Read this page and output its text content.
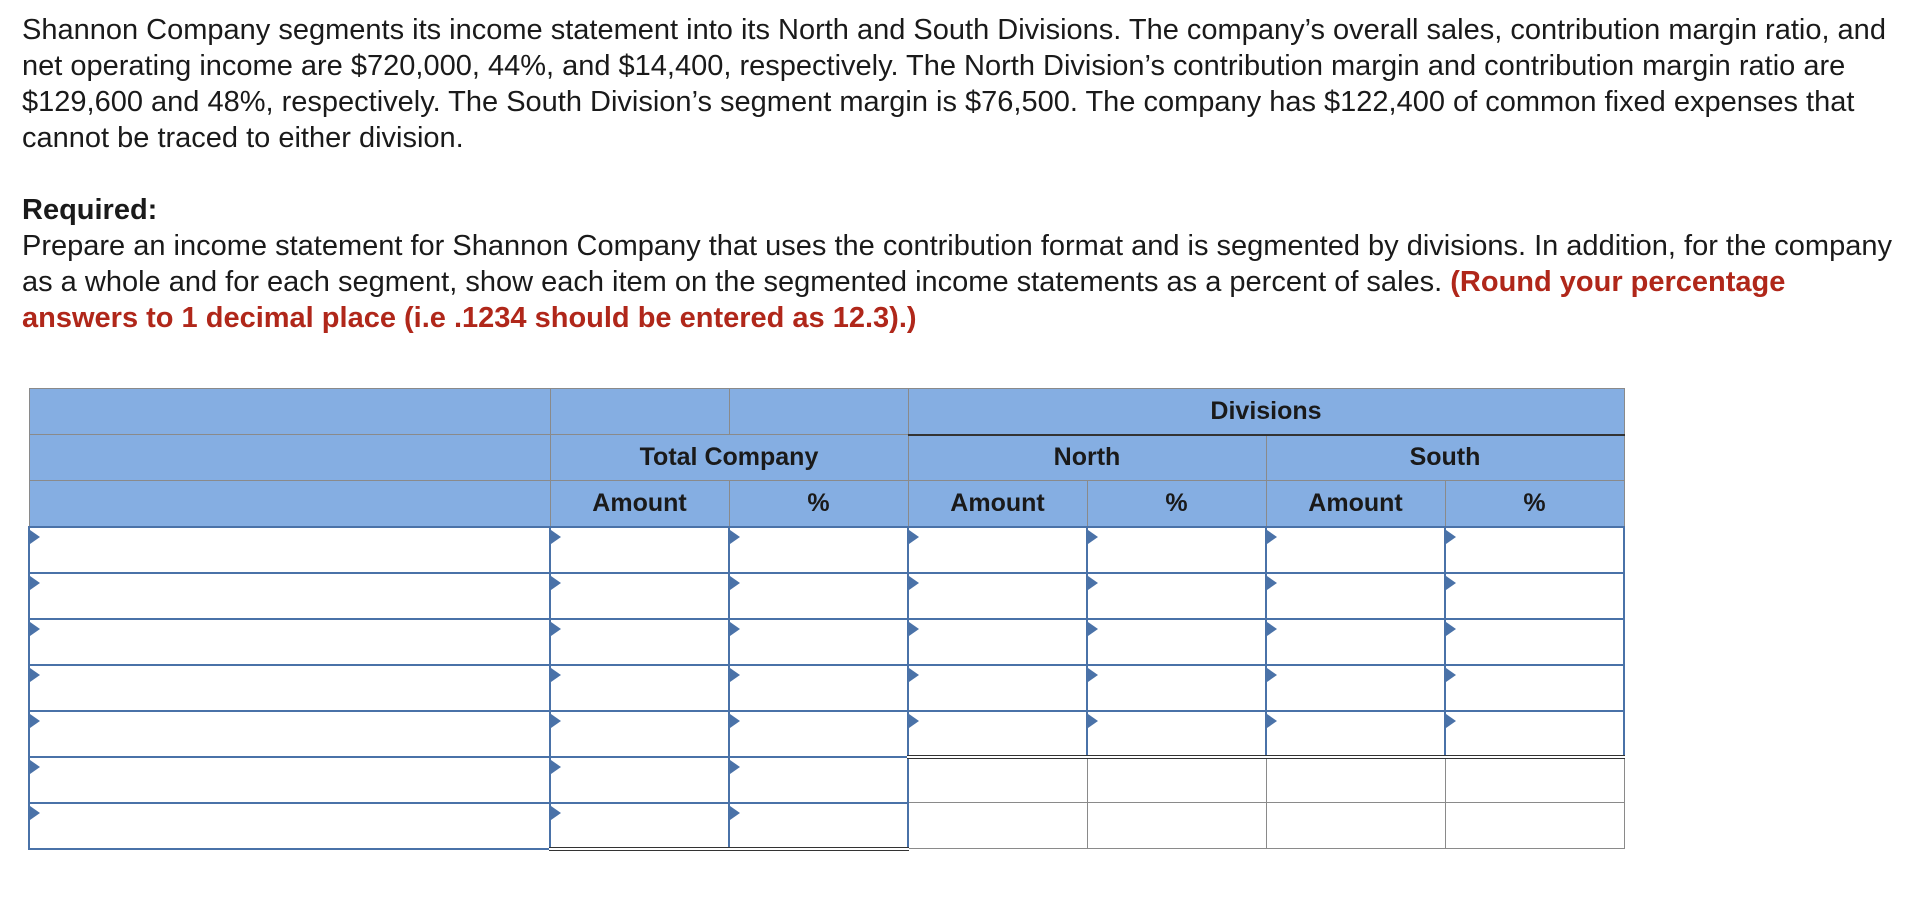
Shannon Company segments its income statement into its North and South Divisions. The company’s overall sales, contribution margin ratio, and net operating income are $720,000, 44%, and $14,400, respectively. The North Division’s contribution margin and contribution margin ratio are $129,600 and 48%, respectively. The South Division’s segment margin is $76,500. The company has $122,400 of common fixed expenses that cannot be traced to either division.

Required:

Prepare an income statement for Shannon Company that uses the contribution format and is segmented by divisions. In addition, for the company as a whole and for each segment, show each item on the segmented income statements as a percent of sales. (Round your percentage answers to 1 decimal place (i.e .1234 should be entered as 12.3).)

			Divisions			
	Total Company		North		South	
	Amount	%	Amount	%	Amount	%
